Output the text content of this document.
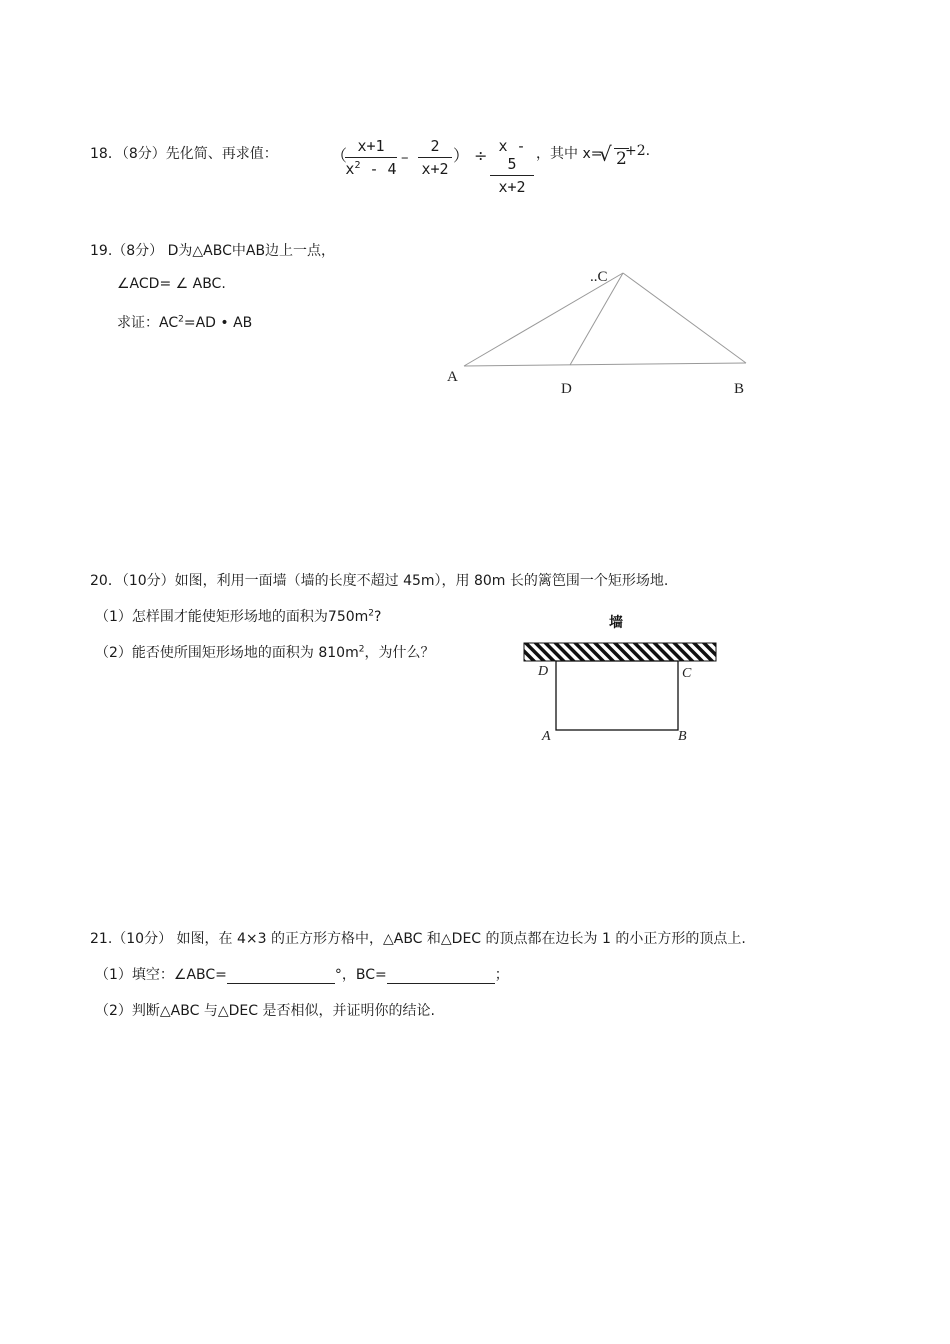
18．（8分）先化简、再求值：	（ x+1
$x^2 - 4$
–
2
x+2
） ÷ x - 5
x+2
，其中 x=
√ 2
+2.
19.（8分） D为△ABC中AB边上一点，
∠ACD= ∠ ABC.
求证：$AC^2=AD$ • AB
..C
A
D	B
20．（10分）如图，利用一面墙（墙的长度不超过 45m），用 80m 长的篱笆围一个矩形场地.
（1）怎样围才能使矩形场地的面积为$750m^2$?
（2）能否使所围矩形场地的面积为 $810m^2$，为什么？
墙
D	C
A	B
21.（10分） 如图，在 4×3 的正方形方格中，△ABC 和△DEC 的顶点都在边长为 1 的小正方形的顶点上.
（1）填空：∠ABC=	°，BC=	；
（2）判断△ABC 与△DEC 是否相似，并证明你的结论.
